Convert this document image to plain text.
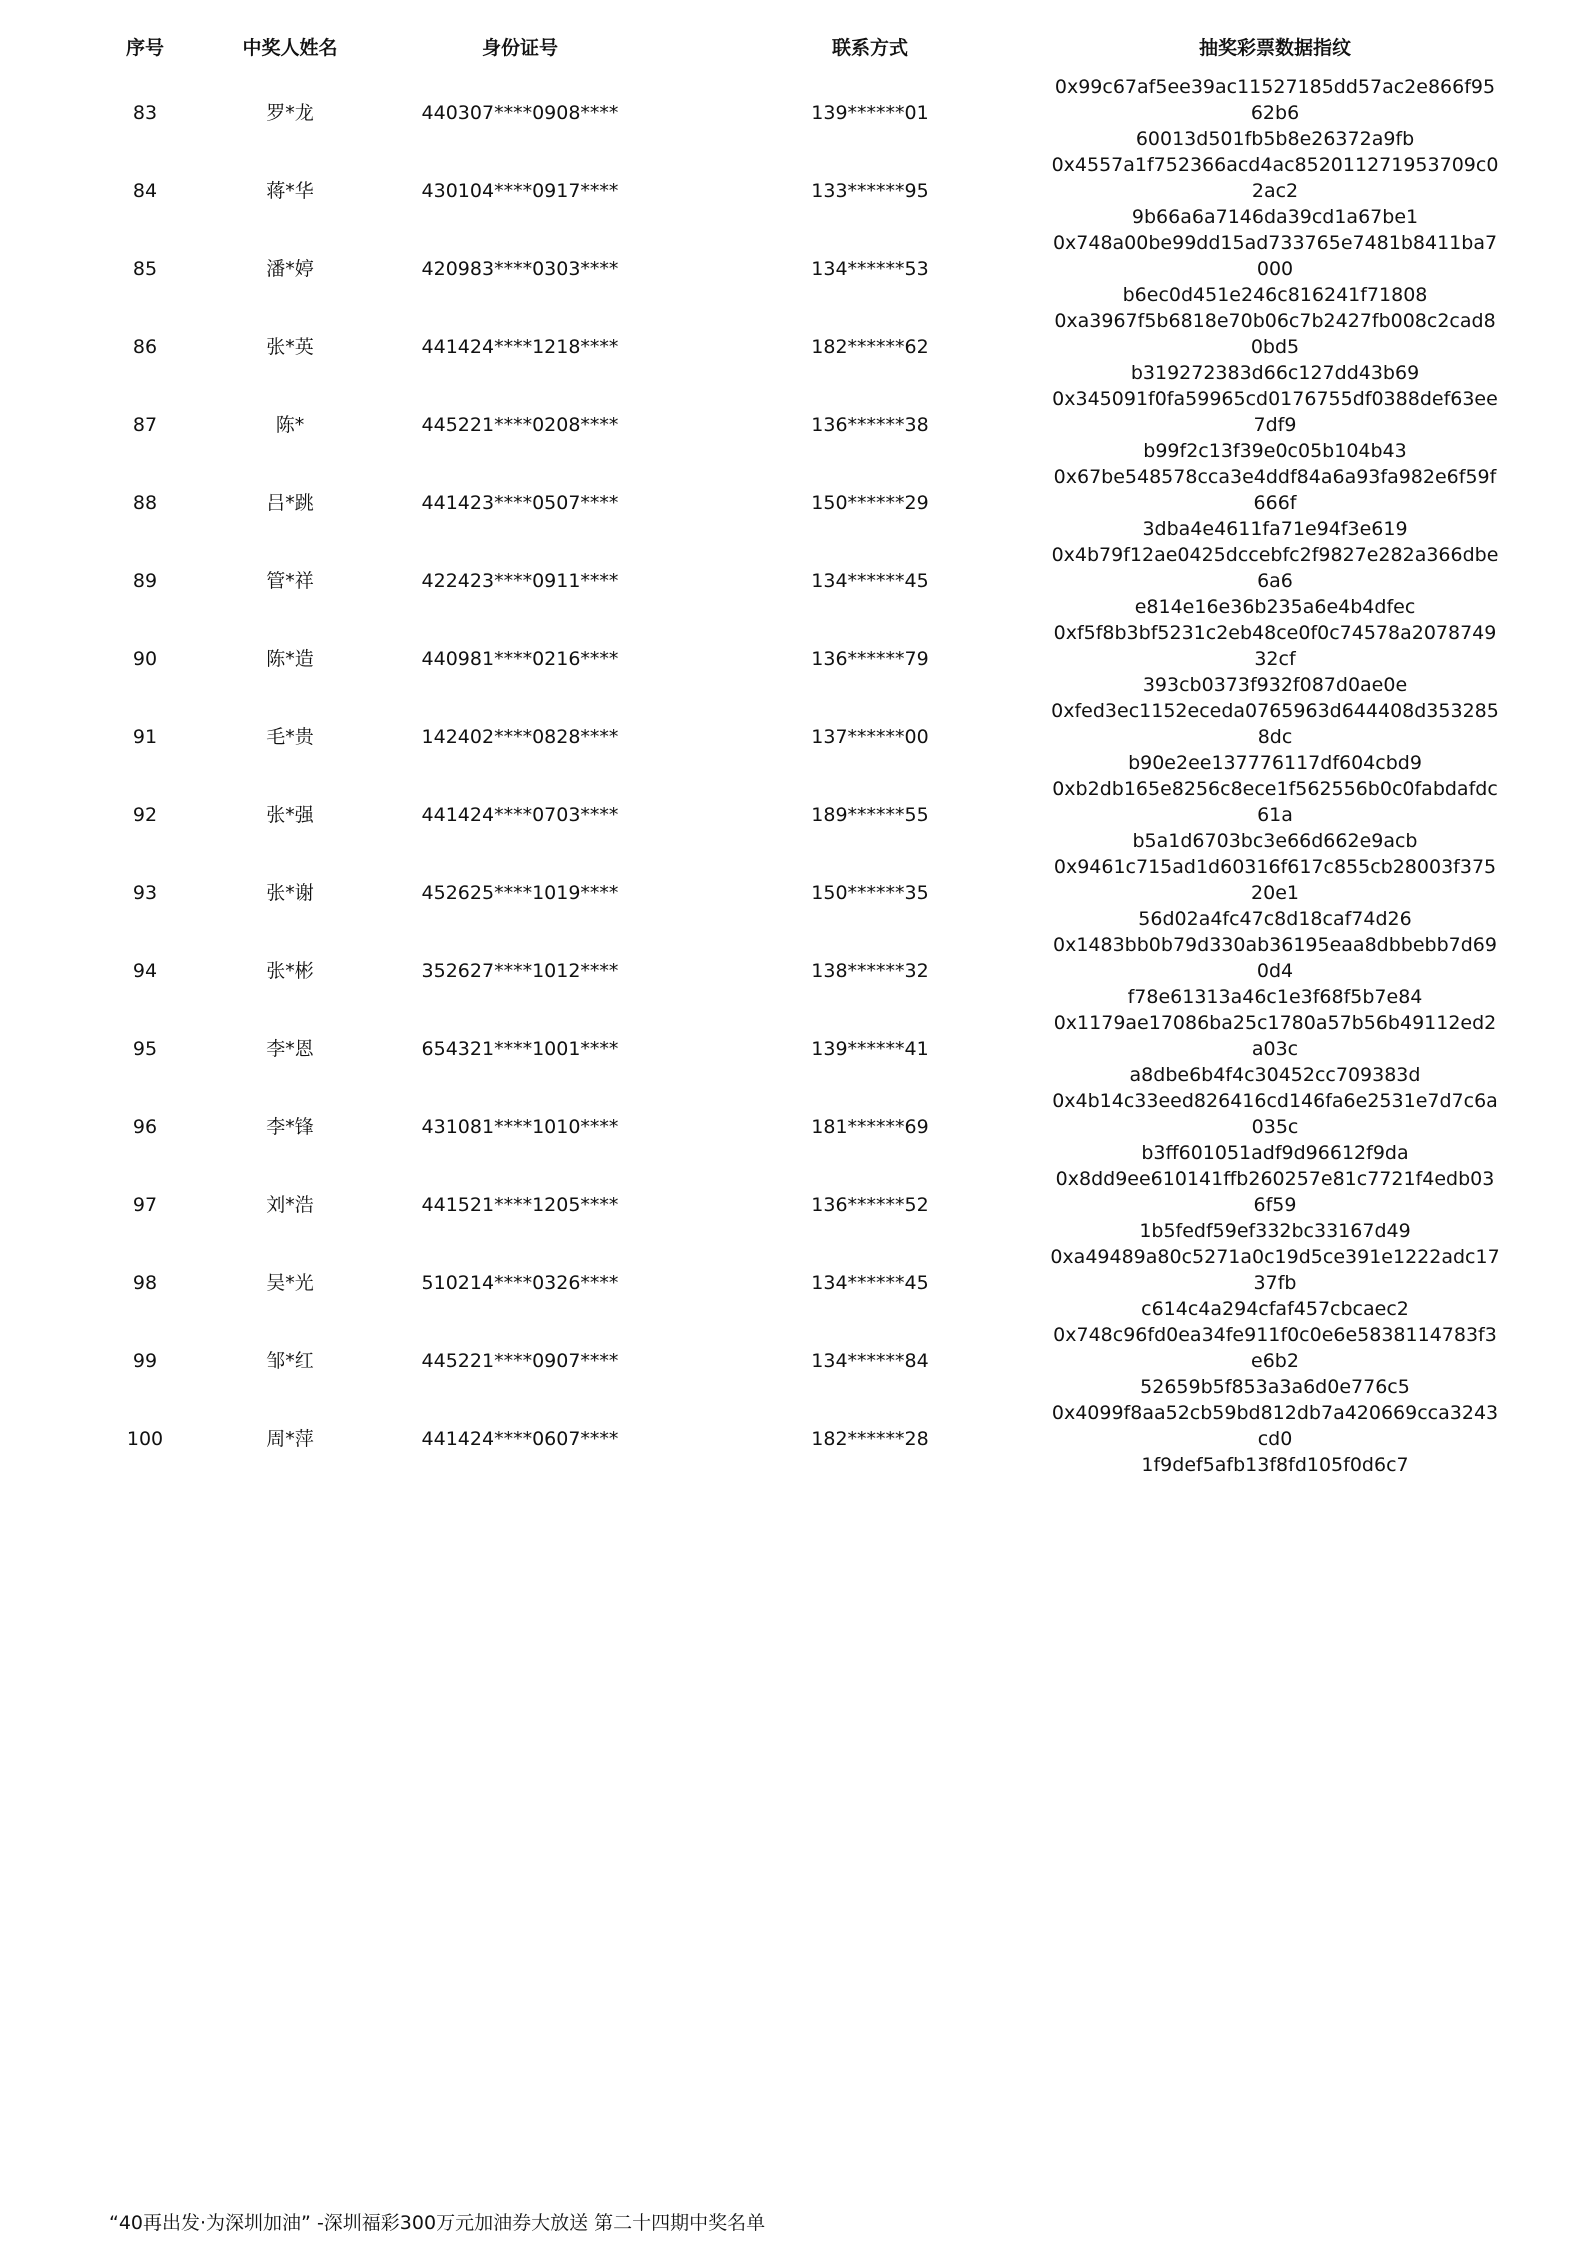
序号	中奖人姓名	身份证号	联系方式	抽奖彩票数据指纹
83	罗*龙	440307****0908****	139******01	0x99c67af5ee39ac11527185dd57ac2e866f9562b6
60013d501fb5b8e26372a9fb

84	蒋*华	430104****0917****	133******95	0x4557a1f752366acd4ac852011271953709c02ac2
9b66a6a7146da39cd1a67be1

85	潘*婷	420983****0303****	134******53	0x748a00be99dd15ad733765e7481b8411ba7000
b6ec0d451e246c816241f71808

86	张*英	441424****1218****	182******62	0xa3967f5b6818e70b06c7b2427fb008c2cad80bd5
b319272383d66c127dd43b69

87	陈*	445221****0208****	136******38	0x345091f0fa59965cd0176755df0388def63ee7df9
b99f2c13f39e0c05b104b43

88	吕*跳	441423****0507****	150******29	0x67be548578cca3e4ddf84a6a93fa982e6f59f666f
3dba4e4611fa71e94f3e619

89	管*祥	422423****0911****	134******45	0x4b79f12ae0425dccebfc2f9827e282a366dbe6a6
e814e16e36b235a6e4b4dfec

90	陈*造	440981****0216****	136******79	0xf5f8b3bf5231c2eb48ce0f0c74578a207874932cf
393cb0373f932f087d0ae0e

91	毛*贵	142402****0828****	137******00	0xfed3ec1152eceda0765963d644408d3532858dc
b90e2ee137776117df604cbd9

92	张*强	441424****0703****	189******55	0xb2db165e8256c8ece1f562556b0c0fabdafdc61a
b5a1d6703bc3e66d662e9acb

93	张*谢	452625****1019****	150******35	0x9461c715ad1d60316f617c855cb28003f37520e1
56d02a4fc47c8d18caf74d26

94	张*彬	352627****1012****	138******32	0x1483bb0b79d330ab36195eaa8dbbebb7d690d4
f78e61313a46c1e3f68f5b7e84

95	李*恩	654321****1001****	139******41	0x1179ae17086ba25c1780a57b56b49112ed2a03c
a8dbe6b4f4c30452cc709383d

96	李*锋	431081****1010****	181******69	0x4b14c33eed826416cd146fa6e2531e7d7c6a035c
b3ff601051adf9d96612f9da

97	刘*浩	441521****1205****	136******52	0x8dd9ee610141ffb260257e81c7721f4edb036f59
1b5fedf59ef332bc33167d49

98	吴*光	510214****0326****	134******45	0xa49489a80c5271a0c19d5ce391e1222adc1737fb
c614c4a294cfaf457cbcaec2

99	邹*红	445221****0907****	134******84	0x748c96fd0ea34fe911f0c0e6e5838114783f3e6b2
52659b5f853a3a6d0e776c5

100	周*萍	441424****0607****	182******28	0x4099f8aa52cb59bd812db7a420669cca3243cd0
1f9def5afb13f8fd105f0d6c7
“40再出发·为深圳加油” -深圳福彩300万元加油券大放送 第二十四期中奖名单
